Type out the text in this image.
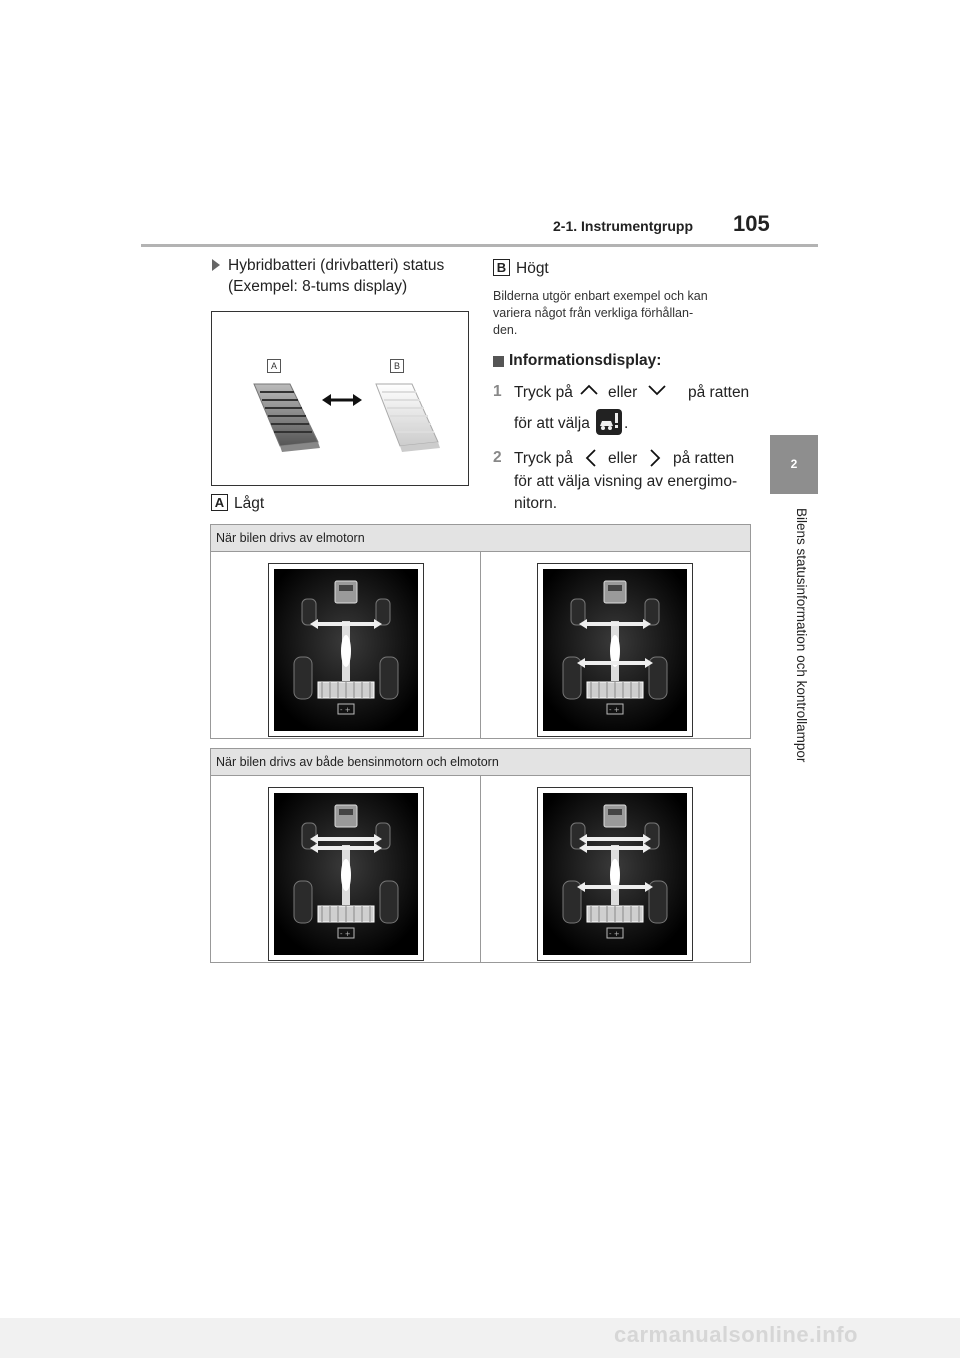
2-1. Instrumentgrupp 105
2
Bilens statusinformation och kontrollampor
Hybridbatteri (drivbatteri) status
(Exempel: 8-tums display)
A	B
A Lågt
B Högt
Bilderna utgör enbart exempel och kan
variera något från verkliga förhållan-
den.
Informationsdisplay:
1 Tryck på eller	på ratten
för att välja .
2 Tryck på eller på ratten
för att välja visning av energimo-
nitorn.
När bilen drivs av elmotorn
När bilen drivs av både bensinmotorn och elmotorn
carmanualsonline.info
